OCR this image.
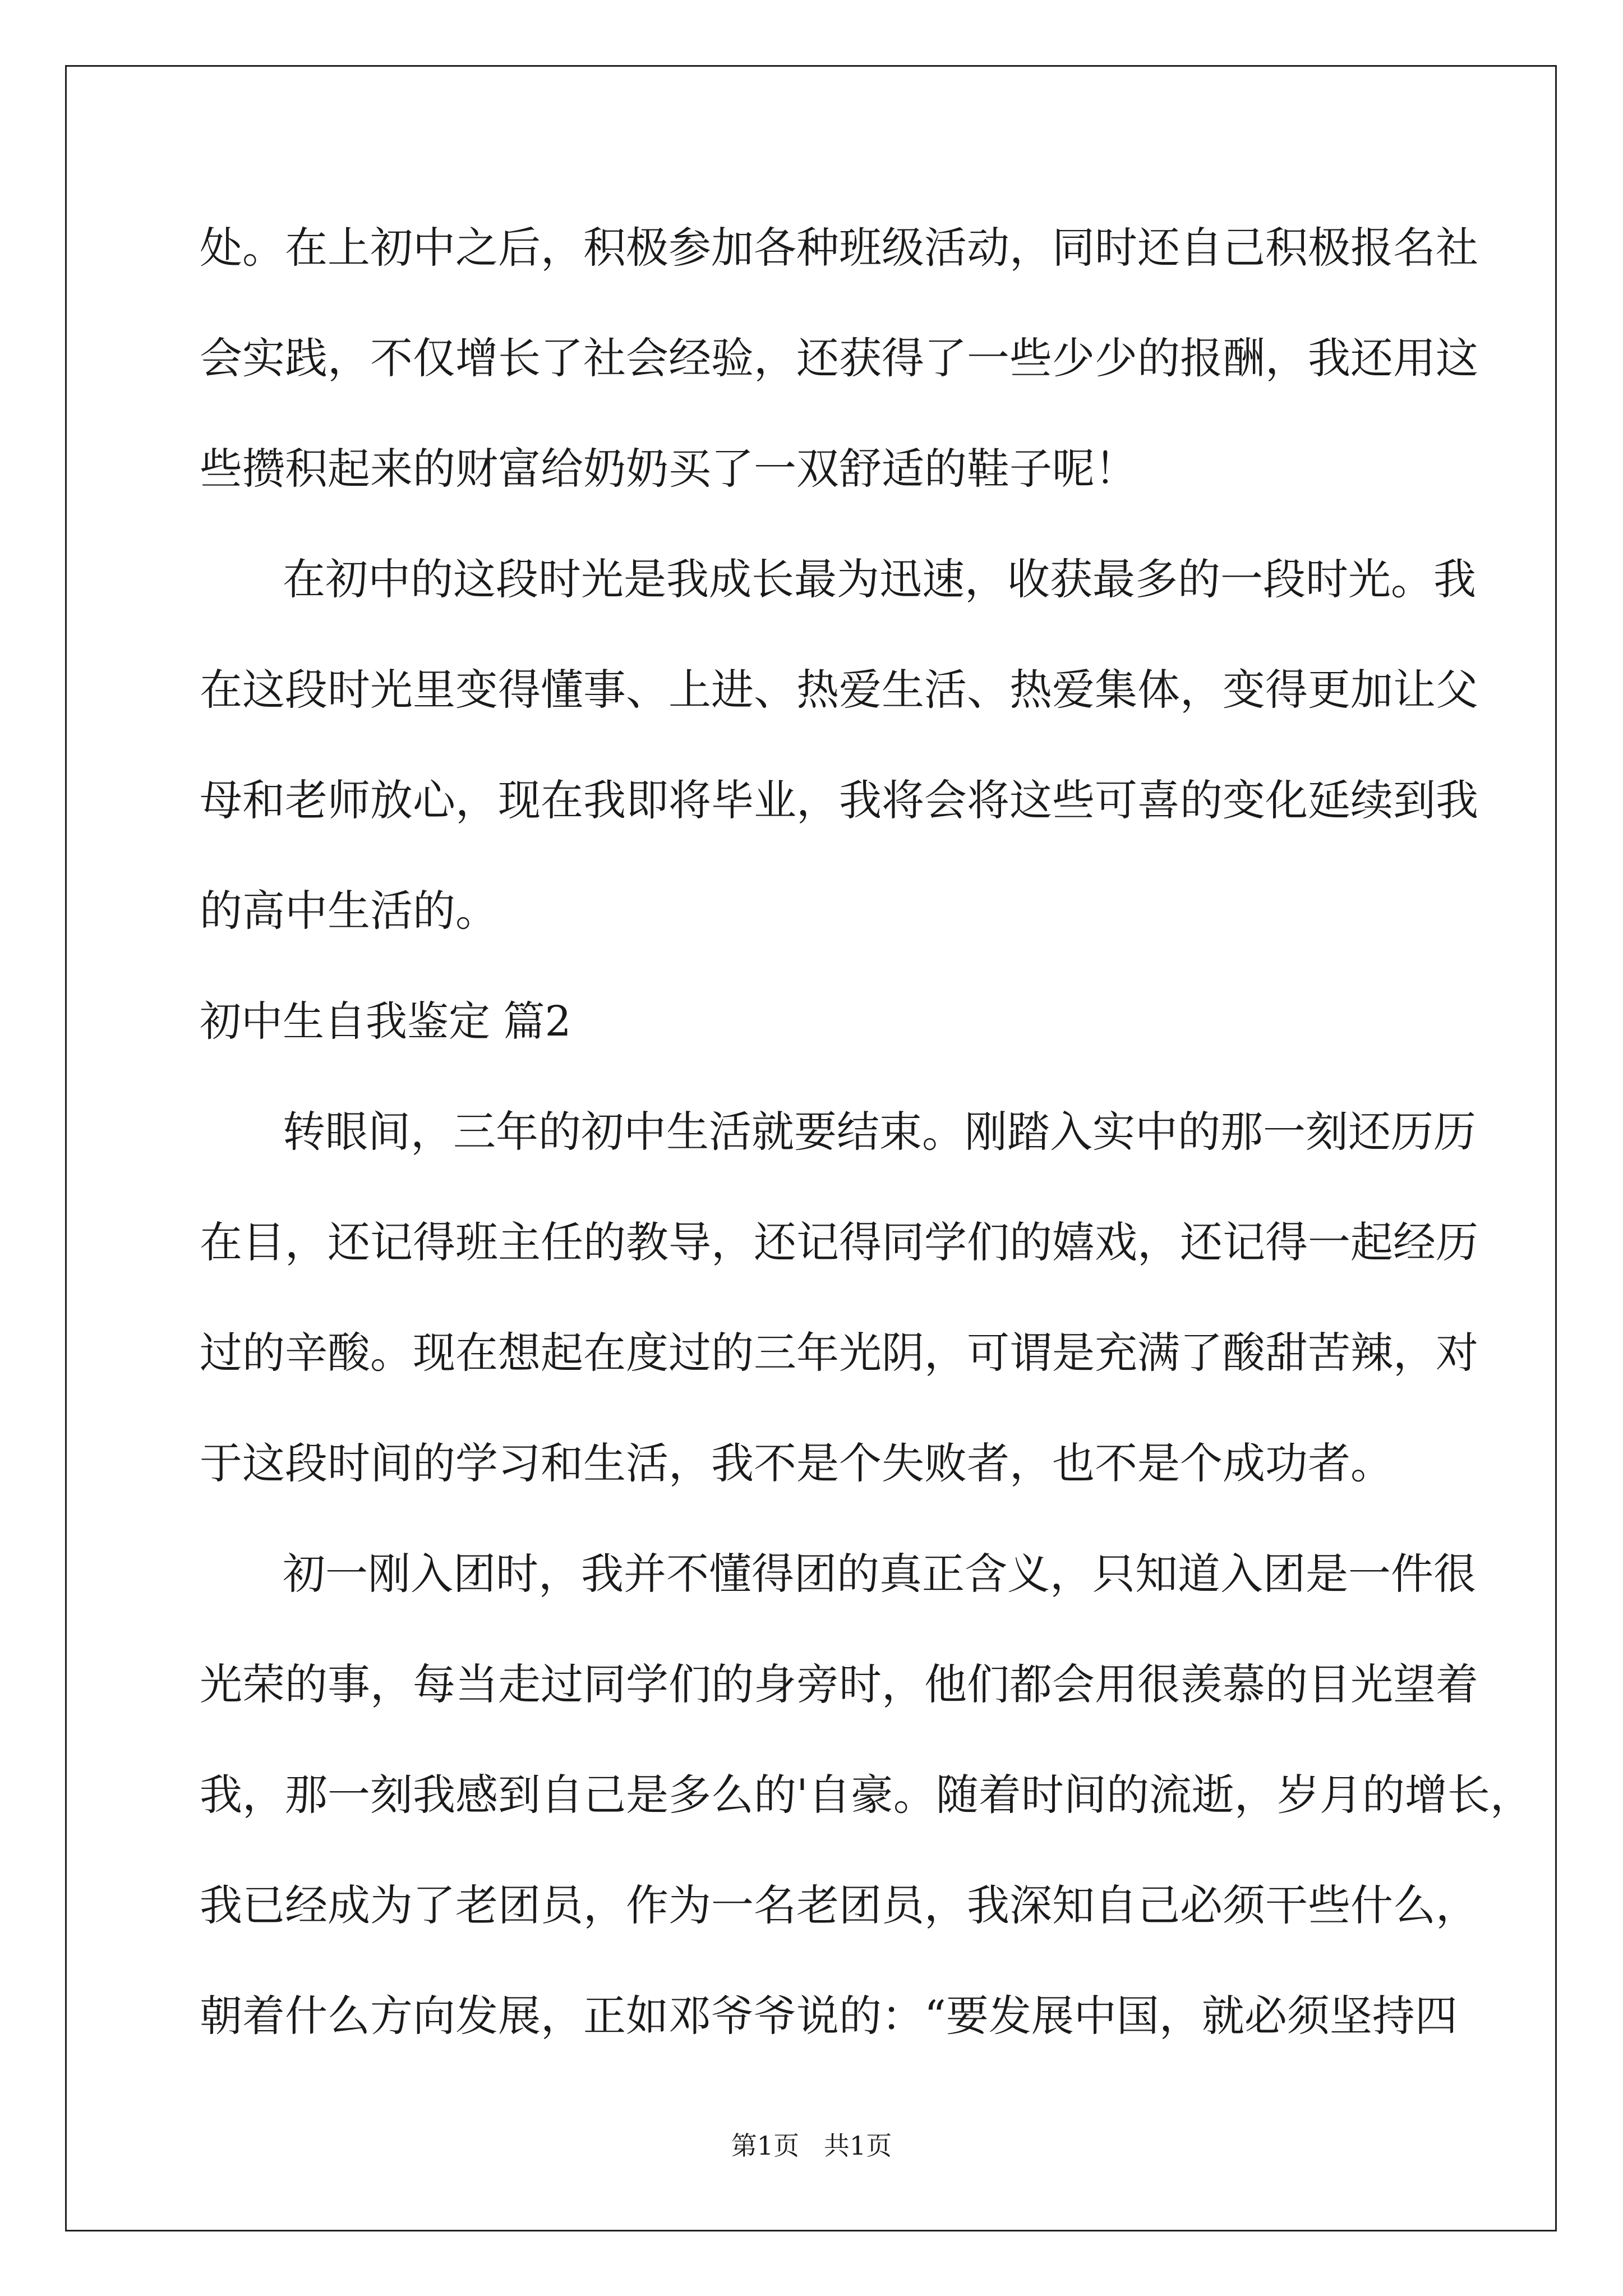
处。在上初中之后，积极参加各种班级活动，同时还自己积极报名社
会实践，不仅增长了社会经验，还获得了一些少少的报酬，我还用这
些攒积起来的财富给奶奶买了一双舒适的鞋子呢！
在初中的这段时光是我成长最为迅速，收获最多的一段时光。我
在这段时光里变得懂事、上进、热爱生活、热爱集体，变得更加让父
母和老师放心，现在我即将毕业，我将会将这些可喜的变化延续到我
的高中生活的。
初中生自我鉴定 篇2
转眼间，三年的初中生活就要结束。刚踏入实中的那一刻还历历
在目，还记得班主任的教导，还记得同学们的嬉戏，还记得一起经历
过的辛酸。现在想起在度过的三年光阴，可谓是充满了酸甜苦辣，对
于这段时间的学习和生活，我不是个失败者，也不是个成功者。
初一刚入团时，我并不懂得团的真正含义，只知道入团是一件很
光荣的事，每当走过同学们的身旁时，他们都会用很羡慕的目光望着
我，那一刻我感到自己是多么的'自豪。随着时间的流逝，岁月的增长，
我已经成为了老团员，作为一名老团员，我深知自己必须干些什么，
朝着什么方向发展，正如邓爷爷说的：“要发展中国，就必须坚持四
第1页   共1页
